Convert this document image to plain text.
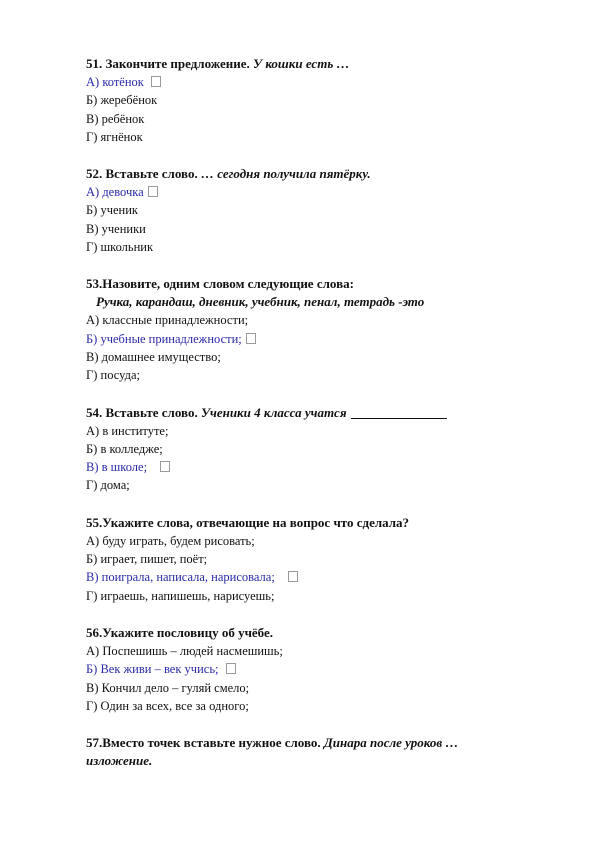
51. Закончите предложение. У кошки есть …

А) котёнок
Б) жеребёнок
В) ребёнок
Г) ягнёнок

52. Вставьте слово. … сегодня получила пятёрку.

А) девочка
Б) ученик
В) ученики
Г) школьник

53.Назовите, одним словом следующие слова:

Ручка, карандаш, дневник, учебник, пенал, тетрадь -это
А) классные принадлежности;
Б) учебные принадлежности;
В) домашнее имущество;
Г) посуда;

54. Вставьте слово. Ученики 4 класса учатся

А) в институте;
Б) в колледже;
В) в школе;
Г) дома;

55.Укажите слова, отвечающие на вопрос что сделала?

А) буду играть, будем рисовать;
Б) играет, пишет, поёт;
В) поиграла, написала, нарисовала;
Г) играешь, напишешь, нарисуешь;

56.Укажите пословицу об учёбе.

А) Поспешишь – людей насмешишь;
Б) Век живи – век учись;
В) Кончил дело – гуляй смело;
Г) Один за всех, все за одного;

57.Вместо точек вставьте нужное слово. Динара после уроков … изложение.
